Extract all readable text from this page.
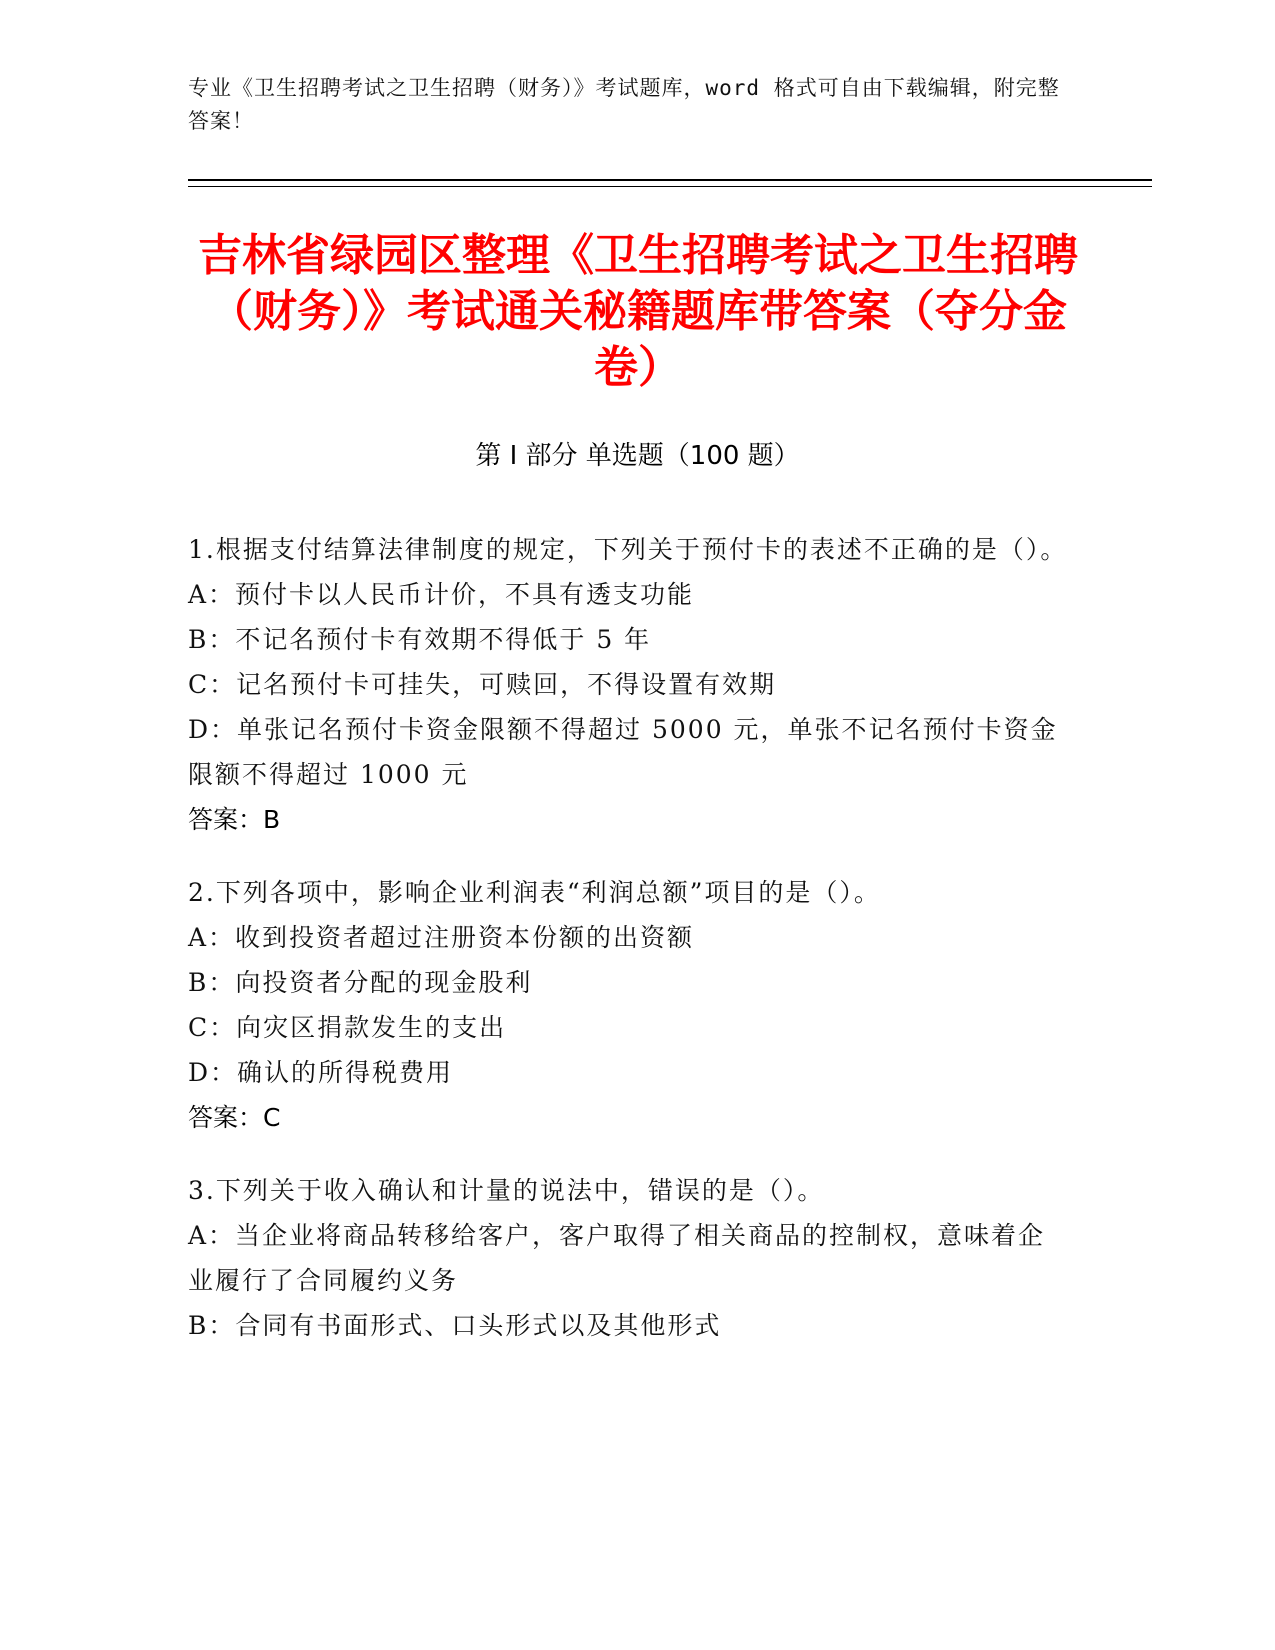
专业《卫生招聘考试之卫生招聘（财务）》考试题库，word 格式可自由下载编辑，附完整答案！
吉林省绿园区整理《卫生招聘考试之卫生招聘（财务）》考试通关秘籍题库带答案（夺分金卷）
第 I 部分 单选题（100 题）
1.根据支付结算法律制度的规定，下列关于预付卡的表述不正确的是（）。
A：预付卡以人民币计价，不具有透支功能
B：不记名预付卡有效期不得低于 5 年
C：记名预付卡可挂失，可赎回，不得设置有效期
D：单张记名预付卡资金限额不得超过 5000 元，单张不记名预付卡资金限额不得超过 1000 元
答案：B
2.下列各项中，影响企业利润表“利润总额”项目的是（）。
A：收到投资者超过注册资本份额的出资额
B：向投资者分配的现金股利
C：向灾区捐款发生的支出
D：确认的所得税费用
答案：C
3.下列关于收入确认和计量的说法中，错误的是（）。
A：当企业将商品转移给客户，客户取得了相关商品的控制权，意味着企业履行了合同履约义务
B：合同有书面形式、口头形式以及其他形式
